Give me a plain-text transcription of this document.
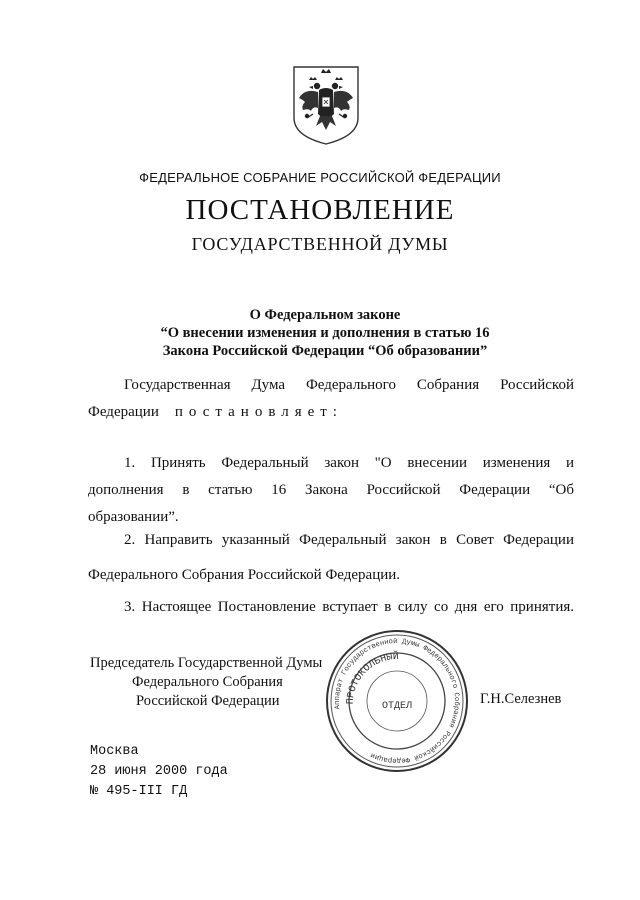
ФЕДЕРАЛЬНОЕ СОБРАНИЕ РОССИЙСКОЙ ФЕДЕРАЦИИ
ПОСТАНОВЛЕНИЕ
ГОСУДАРСТВЕННОЙ ДУМЫ
О Федеральном законе
“О внесении изменения и дополнения в статью 16
Закона Российской Федерации “Об образовании”
Государственная Дума Федерального Собрания Российской
Федерации постановляет:
1. Принять Федеральный закон "О внесении изменения и
дополнения в статью 16 Закона Российской Федерации “Об
образовании”.
2. Направить указанный Федеральный закон в Совет Федерации
Федерального Собрания Российской Федерации.
3. Настоящее Постановление вступает в силу со дня его принятия.
Председатель Государственной Думы
Федерального Собрания
Российской Федерации	Г.Н.Селезнев
Аппарат Государственной Думы Федерального Собрания Российской Федерации
ПРОТОКОЛЬНЫЙ
ОТДЕЛ
Москва
28 июня 2000 года
№ 495-III ГД
